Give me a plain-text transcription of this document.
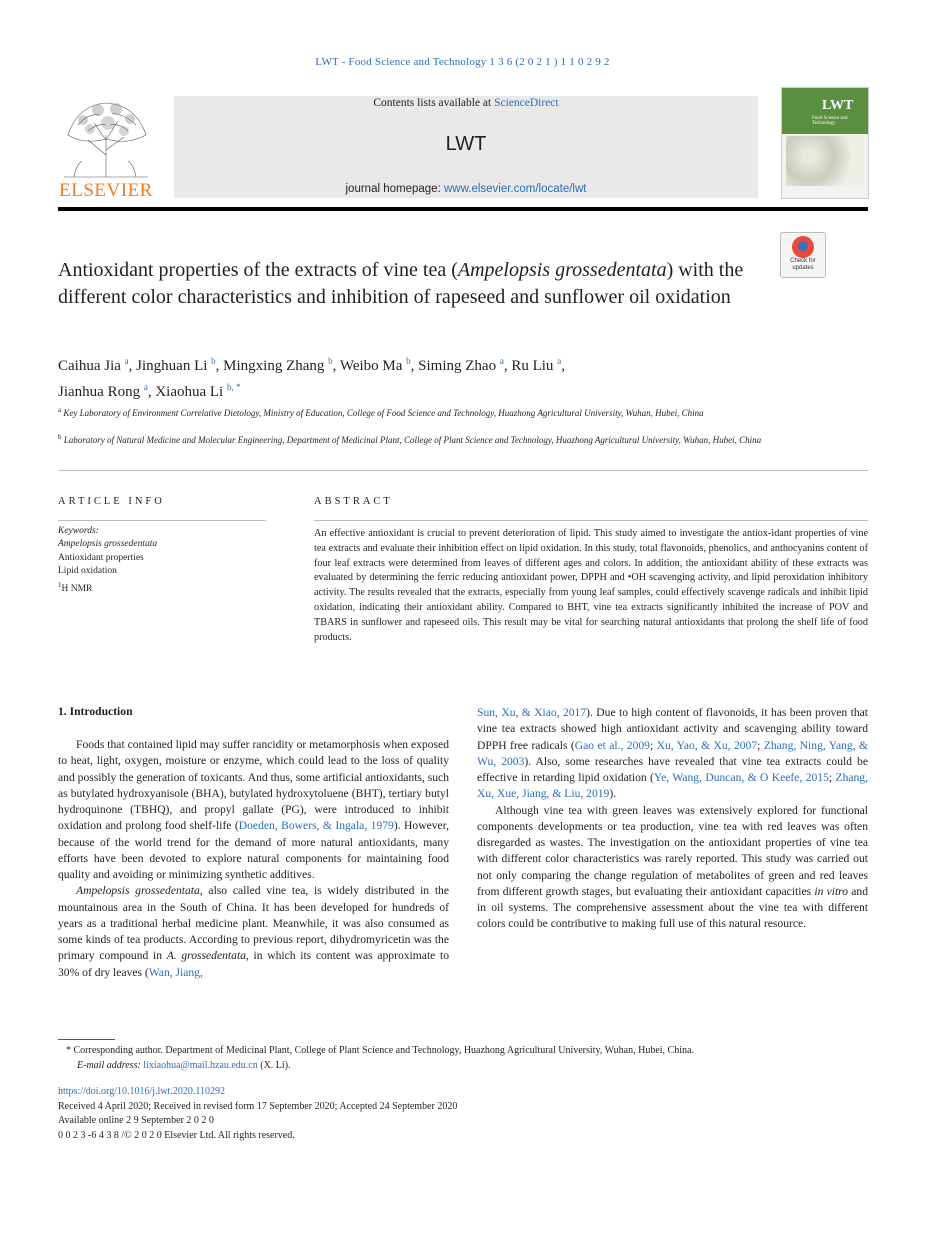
LWT - Food Science and Technology 1 3 6 (2 0 2 1 ) 1 1 0 2 9 2
ELSEVIER
Contents lists available at ScienceDirect
LWT
journal homepage: www.elsevier.com/locate/lwt
LWT
Food Science and Technology
Antioxidant properties of the extracts of vine tea (Ampelopsis grossedentata) with the different color characteristics and inhibition of rapeseed and sunflower oil oxidation
Check for updates
Caihua Jia $^a$, Jinghuan Li $^b$, Mingxing Zhang $^b$, Weibo Ma $^b$, Siming Zhao $^a$, Ru Liu $^a$,
Jianhua Rong $^a$, Xiaohua Li $^{b, *}$
$^a$ Key Laboratory of Environment Correlative Dietology, Ministry of Education, College of Food Science and Technology, Huazhong Agricultural University, Wuhan, Hubei, China
$^b$ Laboratory of Natural Medicine and Molecular Engineering, Department of Medicinal Plant, College of Plant Science and Technology, Huazhong Agricultural University, Wuhan, Hubei, China
ARTICLE INFO	ABSTRACT
Keywords:
Ampelopsis grossedentata
Antioxidant properties
Lipid oxidation
$^1$H NMR
An effective antioxidant is crucial to prevent deterioration of lipid. This study aimed to investigate the antiox-idant properties of vine tea extracts and evaluate their inhibition effect on lipid oxidation. In this study, total flavonoids, phenolics, and anthocyanins content of four leaf extracts were determined from leaves of different ages and colors. In addition, the antioxidant ability of these extracts was evaluated by determining the ferric reducing antioxidant power, DPPH and •OH scavenging activity, and lipid peroxidation inhibitory activity. The results revealed that the extracts, especially from young leaf samples, could effectively scavenge radicals and inhibit lipid oxidation, indicating their antioxidant ability. Compared to BHT, vine tea extracts significantly inhibited the increase of POV and TBARS in sunflower and rapeseed oils. This result may be vital for searching natural antioxidants that prolong the shelf life of food products.
1. Introduction

Foods that contained lipid may suffer rancidity or metamorphosis when exposed to heat, light, oxygen, moisture or enzyme, which could lead to the loss of quality and possibly the generation of toxicants. And thus, some artificial antioxidants, such as butylated hydroxyanisole (BHA), butylated hydroxytoluene (BHT), tertiary butyl hydroquinone (TBHQ), and propyl gallate (PG), were introduced to inhibit oxidation and prolong food shelf-life (Doeden, Bowers, & Ingala, 1979). However, because of the world trend for the demand of more natural antioxidants, many efforts have been devoted to explore natural components for maintaining food quality and avoiding or minimizing synthetic additives.

Ampelopsis grossedentata, also called vine tea, is widely distributed in the mountainous area in the South of China. It has been developed for hundreds of years as a traditional herbal medicine plant. Meanwhile, it was also consumed as some kinds of tea products. According to previous report, dihydromyricetin was the primary compound in A. grossedentata, in which its content was approximate to 30% of dry leaves (Wan, Jiang,

Sun, Xu, & Xiao, 2017). Due to high content of flavonoids, it has been proven that vine tea extracts showed high antioxidant activity and scavenging ability toward DPPH free radicals (Gao et al., 2009; Xu, Yao, & Xu, 2007; Zhang, Ning, Yang, & Wu, 2003). Also, some researches have revealed that vine tea extracts could be effective in retarding lipid oxidation (Ye, Wang, Duncan, & O Keefe, 2015; Zhang, Xu, Xue, Jiang, & Liu, 2019).

Although vine tea with green leaves was extensively explored for functional components developments or tea production, vine tea with red leaves was often disregarded as wastes. The investigation on the antioxidant properties of vine tea with different color characteristics was rarely reported. This study was carried out not only comparing the change regulation of metabolites of green and red leaves from different growth stages, but evaluating their antioxidant capacities in vitro and in oil systems. The comprehensive assessment about the vine tea with different colors could be contributive to making full use of this natural resource.

* Corresponding author. Department of Medicinal Plant, College of Plant Science and Technology, Huazhong Agricultural University, Wuhan, Hubei, China.
E-mail address: lixiaohua@mail.hzau.edu.cn (X. Li).
https://doi.org/10.1016/j.lwt.2020.110292
Received 4 April 2020; Received in revised form 17 September 2020; Accepted 24 September 2020
Available online 2 9 September 2 0 2 0
0 0 2 3 -6 4 3 8 /© 2 0 2 0 Elsevier Ltd. All rights reserved.
